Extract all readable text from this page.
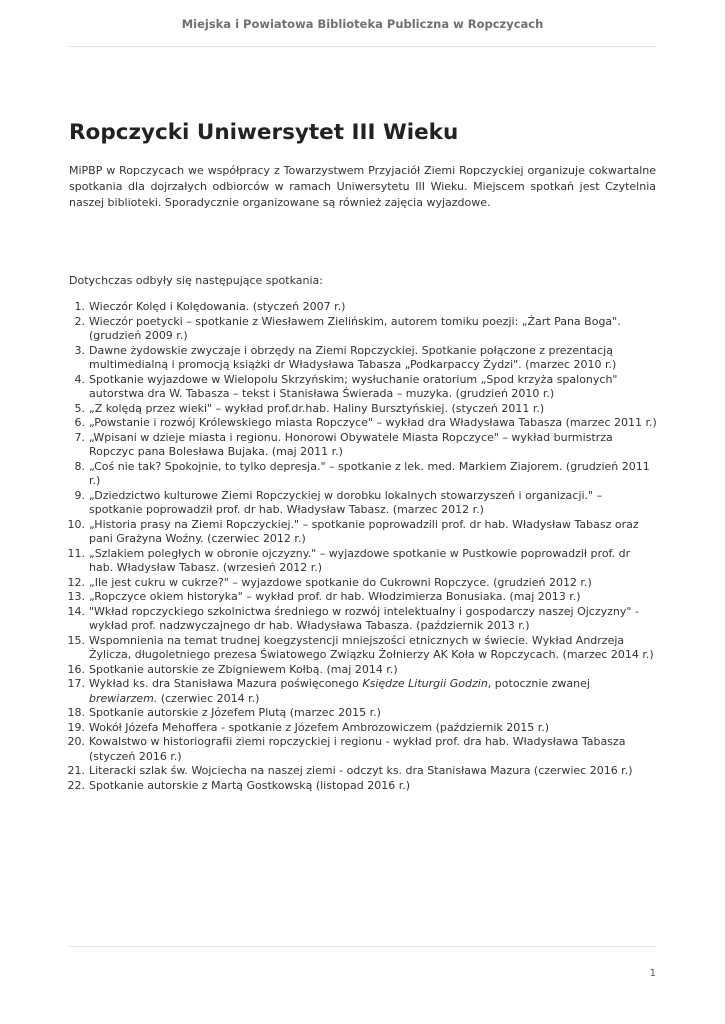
Miejska i Powiatowa Biblioteka Publiczna w Ropczycach
Ropczycki Uniwersytet III Wieku

MiPBP w Ropczycach we współpracy z Towarzystwem Przyjaciół Ziemi Ropczyckiej organizuje cokwartalne spotkania dla dojrzałych odbiorców w ramach Uniwersytetu III Wieku. Miejscem spotkań jest Czytelnia naszej biblioteki. Sporadycznie organizowane są również zajęcia wyjazdowe.

Dotychczas odbyły się następujące spotkania:

1. Wieczór Kolęd i Kolędowania. (styczeń 2007 r.)
2. Wieczór poetycki – spotkanie z Wiesławem Zielińskim, autorem tomiku poezji: „Żart Pana Boga". (grudzień 2009 r.)
3. Dawne żydowskie zwyczaje i obrzędy na Ziemi Ropczyckiej. Spotkanie połączone z prezentacją multimedialną i promocją książki dr Władysława Tabasza „Podkarpaccy Żydzi". (marzec 2010 r.)
4. Spotkanie wyjazdowe w Wielopolu Skrzyńskim; wysłuchanie oratorium „Spod krzyża spalonych" autorstwa dra W. Tabasza – tekst i Stanisława Świerada – muzyka. (grudzień 2010 r.)
5. „Z kolędą przez wieki" – wykład prof.dr.hab. Haliny Bursztyńskiej. (styczeń 2011 r.)
6. „Powstanie i rozwój Królewskiego miasta Ropczyce" – wykład dra Władysława Tabasza (marzec 2011 r.)
7. „Wpisani w dzieje miasta i regionu. Honorowi Obywatele Miasta Ropczyce" – wykład burmistrza Ropczyc pana Bolesława Bujaka. (maj 2011 r.)
8. „Coś nie tak? Spokojnie, to tylko depresja." – spotkanie z lek. med. Markiem Ziajorem. (grudzień 2011 r.)
9. „Dziedzictwo kulturowe Ziemi Ropczyckiej w dorobku lokalnych stowarzyszeń i organizacji." – spotkanie poprowadził prof. dr hab. Władysław Tabasz. (marzec 2012 r.)
10. „Historia prasy na Ziemi Ropczyckiej." – spotkanie poprowadzili prof. dr hab. Władysław Tabasz oraz pani Grażyna Woźny. (czerwiec 2012 r.)
11. „Szlakiem poległych w obronie ojczyzny." – wyjazdowe spotkanie w Pustkowie poprowadził prof. dr hab. Władysław Tabasz. (wrzesień 2012 r.)
12. „Ile jest cukru w cukrze?" – wyjazdowe spotkanie do Cukrowni Ropczyce. (grudzień 2012 r.)
13. „Ropczyce okiem historyka" – wykład prof. dr hab. Włodzimierza Bonusiaka. (maj 2013 r.)
14. "Wkład ropczyckiego szkolnictwa średniego w rozwój intelektualny i gospodarczy naszej Ojczyzny" - wykład prof. nadzwyczajnego dr hab. Władysława Tabasza. (październik 2013 r.)
15. Wspomnienia na temat trudnej koegzystencji mniejszości etnicznych w świecie. Wykład Andrzeja Żylicza, długoletniego prezesa Światowego Związku Żołnierzy AK Koła w Ropczycach. (marzec 2014 r.)
16. Spotkanie autorskie ze Zbigniewem Kołbą. (maj 2014 r.)
17. Wykład ks. dra Stanisława Mazura poświęconego Księdze Liturgii Godzin, potocznie zwanej brewiarzem. (czerwiec 2014 r.)
18. Spotkanie autorskie z Józefem Plutą (marzec 2015 r.)
19. Wokół Józefa Mehoffera - spotkanie z Józefem Ambrozowiczem (październik 2015 r.)
20. Kowalstwo w historiografii ziemi ropczyckiej i regionu - wykład prof. dra hab. Władysława Tabasza (styczeń 2016 r.)
21. Literacki szlak św. Wojciecha na naszej ziemi - odczyt ks. dra Stanisława Mazura (czerwiec 2016 r.)
22. Spotkanie autorskie z Martą Gostkowską (listopad 2016 r.)
1
